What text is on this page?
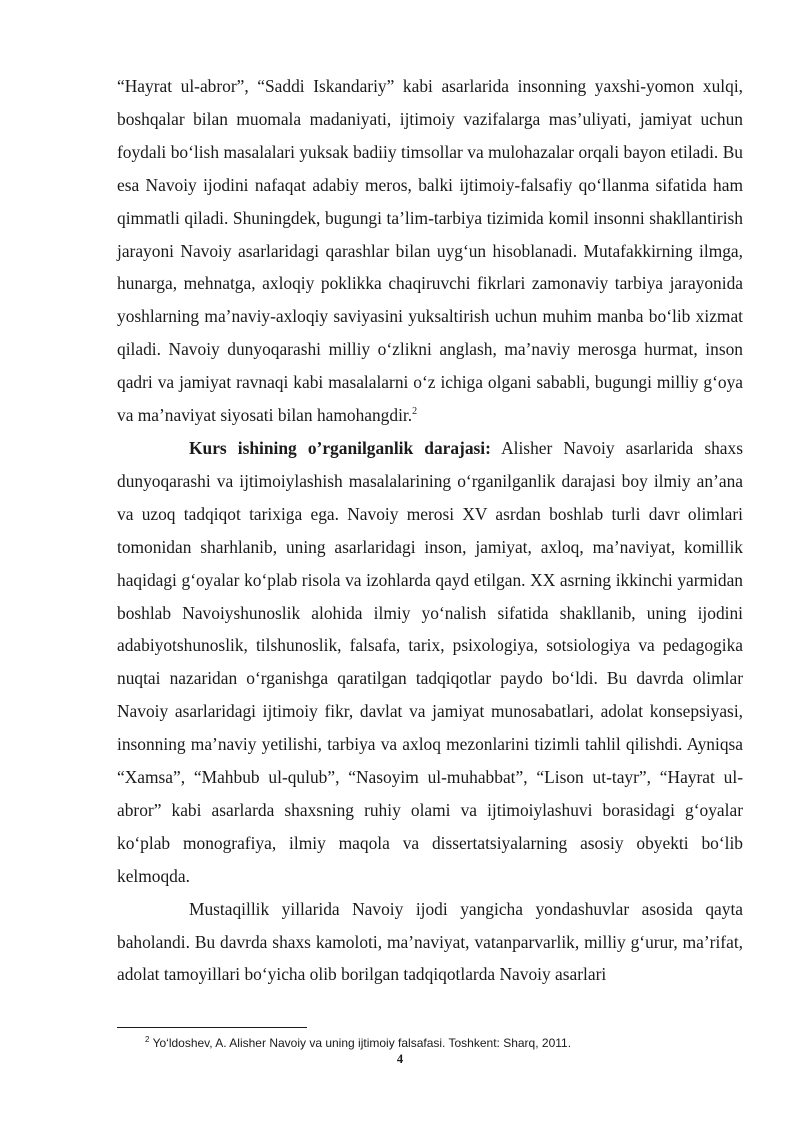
“Hayrat ul-abror”, “Saddi Iskandariy” kabi asarlarida insonning yaxshi-yomon xulqi, boshqalar bilan muomala madaniyati, ijtimoiy vazifalarga mas’uliyati, jamiyat uchun foydali bo‘lish masalalari yuksak badiiy timsollar va mulohazalar orqali bayon etiladi. Bu esa Navoiy ijodini nafaqat adabiy meros, balki ijtimoiy-falsafiy qo‘llanma sifatida ham qimmatli qiladi. Shuningdek, bugungi ta’lim-tarbiya tizimida komil insonni shakllantirish jarayoni Navoiy asarlaridagi qarashlar bilan uyg‘un hisoblanadi. Mutafakkirning ilmga, hunarga, mehnatga, axloqiy poklikka chaqiruvchi fikrlari zamonaviy tarbiya jarayonida yoshlarning ma’naviy-axloqiy saviyasini yuksaltirish uchun muhim manba bo‘lib xizmat qiladi. Navoiy dunyoqarashi milliy o‘zlikni anglash, ma’naviy merosga hurmat, inson qadri va jamiyat ravnaqi kabi masalalarni o‘z ichiga olgani sababli, bugungi milliy g‘oya va ma’naviyat siyosati bilan hamohangdir.$^2$

Kurs ishining o’rganilganlik darajasi: Alisher Navoiy asarlarida shaxs dunyoqarashi va ijtimoiylashish masalalarining o‘rganilganlik darajasi boy ilmiy an’ana va uzoq tadqiqot tarixiga ega. Navoiy merosi XV asrdan boshlab turli davr olimlari tomonidan sharhlanib, uning asarlaridagi inson, jamiyat, axloq, ma’naviyat, komillik haqidagi g‘oyalar ko‘plab risola va izohlarda qayd etilgan. XX asrning ikkinchi yarmidan boshlab Navoiyshunoslik alohida ilmiy yo‘nalish sifatida shakllanib, uning ijodini adabiyotshunoslik, tilshunoslik, falsafa, tarix, psixologiya, sotsiologiya va pedagogika nuqtai nazaridan o‘rganishga qaratilgan tadqiqotlar paydo bo‘ldi. Bu davrda olimlar Navoiy asarlaridagi ijtimoiy fikr, davlat va jamiyat munosabatlari, adolat konsepsiyasi, insonning ma’naviy yetilishi, tarbiya va axloq mezonlarini tizimli tahlil qilishdi. Ayniqsa “Xamsa”, “Mahbub ul-qulub”, “Nasoyim ul-muhabbat”, “Lison ut-tayr”, “Hayrat ul-abror” kabi asarlarda shaxsning ruhiy olami va ijtimoiylashuvi borasidagi g‘oyalar ko‘plab monografiya, ilmiy maqola va dissertatsiyalarning asosiy obyekti bo‘lib kelmoqda.

Mustaqillik yillarida Navoiy ijodi yangicha yondashuvlar asosida qayta baholandi. Bu davrda shaxs kamoloti, ma’naviyat, vatanparvarlik, milliy g‘urur, ma’rifat, adolat tamoyillari bo‘yicha olib borilgan tadqiqotlarda Navoiy asarlari

$^2$ Yo‘ldoshev, A. Alisher Navoiy va uning ijtimoiy falsafasi. Toshkent: Sharq, 2011.
4
